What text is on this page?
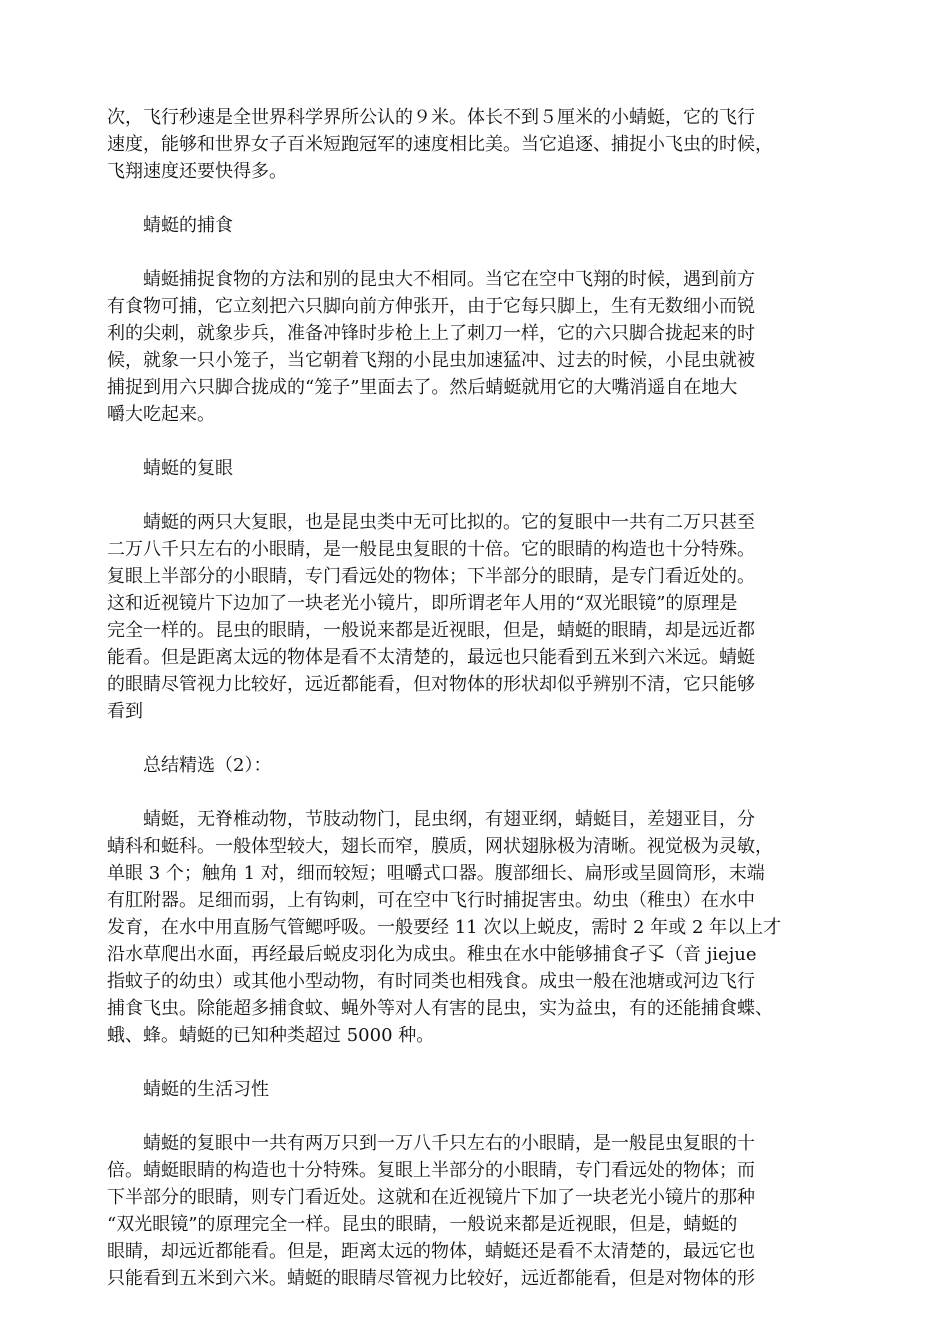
次，飞行秒速是全世界科学界所公认的９米。体长不到５厘米的小蜻蜓，它的飞行
速度，能够和世界女子百米短跑冠军的速度相比美。当它追逐、捕捉小飞虫的时候，
飞翔速度还要快得多。
蜻蜓的捕食
蜻蜓捕捉食物的方法和别的昆虫大不相同。当它在空中飞翔的时候，遇到前方
有食物可捕，它立刻把六只脚向前方伸张开，由于它每只脚上，生有无数细小而锐
利的尖刺，就象步兵，准备冲锋时步枪上上了刺刀一样，它的六只脚合拢起来的时
候，就象一只小笼子，当它朝着飞翔的小昆虫加速猛冲、过去的时候，小昆虫就被
捕捉到用六只脚合拢成的“笼子”里面去了。然后蜻蜓就用它的大嘴消遥自在地大
嚼大吃起来。
蜻蜓的复眼
蜻蜓的两只大复眼，也是昆虫类中无可比拟的。它的复眼中一共有二万只甚至
二万八千只左右的小眼睛，是一般昆虫复眼的十倍。它的眼睛的构造也十分特殊。
复眼上半部分的小眼睛，专门看远处的物体；下半部分的眼睛，是专门看近处的。
这和近视镜片下边加了一块老光小镜片，即所谓老年人用的“双光眼镜”的原理是
完全一样的。昆虫的眼睛，一般说来都是近视眼，但是，蜻蜓的眼睛，却是远近都
能看。但是距离太远的物体是看不太清楚的，最远也只能看到五米到六米远。蜻蜓
的眼睛尽管视力比较好，远近都能看，但对物体的形状却似乎辨别不清，它只能够
看到
总结精选（2）：
蜻蜓，无脊椎动物，节肢动物门，昆虫纲，有翅亚纲，蜻蜓目，差翅亚目，分
蜻科和蜓科。一般体型较大，翅长而窄，膜质，网状翅脉极为清晰。视觉极为灵敏，
单眼 3 个；触角 1 对，细而较短；咀嚼式口器。腹部细长、扁形或呈圆筒形，末端
有肛附器。足细而弱，上有钩刺，可在空中飞行时捕捉害虫。幼虫（稚虫）在水中
发育，在水中用直肠气管鳃呼吸。一般要经 11 次以上蜕皮，需时 2 年或 2 年以上才
沿水草爬出水面，再经最后蜕皮羽化为成虫。稚虫在水中能够捕食孑孓（音 jiejue
指蚊子的幼虫）或其他小型动物，有时同类也相残食。成虫一般在池塘或河边飞行
捕食飞虫。除能超多捕食蚊、蝇外等对人有害的昆虫，实为益虫，有的还能捕食蝶、
蛾、蜂。蜻蜓的已知种类超过 5000 种。
蜻蜓的生活习性
蜻蜓的复眼中一共有两万只到一万八千只左右的小眼睛，是一般昆虫复眼的十
倍。蜻蜓眼睛的构造也十分特殊。复眼上半部分的小眼睛，专门看远处的物体；而
下半部分的眼睛，则专门看近处。这就和在近视镜片下加了一块老光小镜片的那种
“双光眼镜”的原理完全一样。昆虫的眼睛，一般说来都是近视眼，但是，蜻蜓的
眼睛，却远近都能看。但是，距离太远的物体，蜻蜓还是看不太清楚的，最远它也
只能看到五米到六米。蜻蜓的眼睛尽管视力比较好，远近都能看，但是对物体的形
